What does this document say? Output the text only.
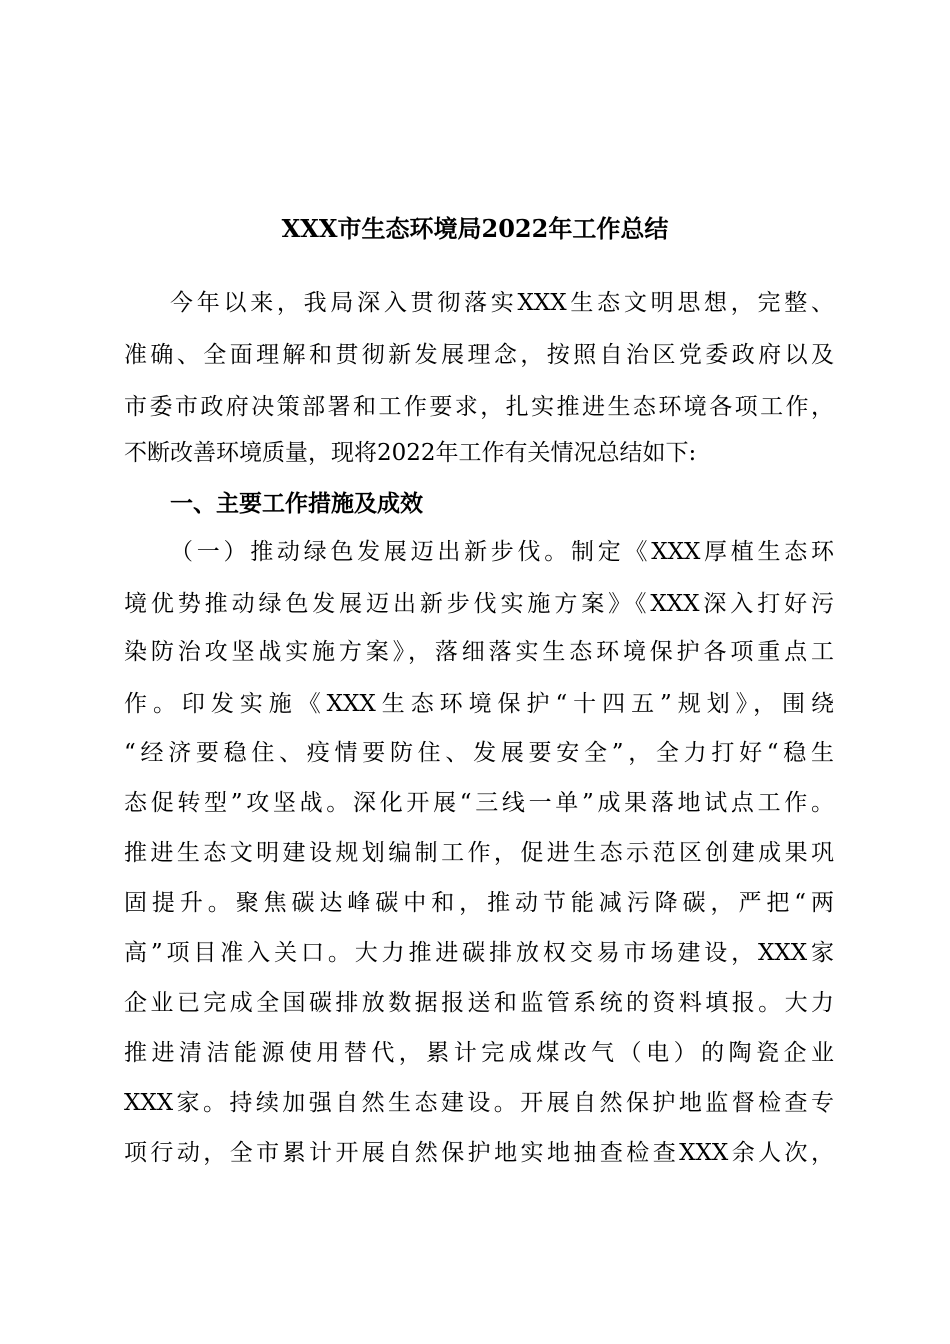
XXX市生态环境局2022年工作总结

今年以来，我局深入贯彻落实XXX生态文明思想，完整、

准确、全面理解和贯彻新发展理念，按照自治区党委政府以及

市委市政府决策部署和工作要求，扎实推进生态环境各项工作，

不断改善环境质量，现将2022年工作有关情况总结如下:

一、主要工作措施及成效

（一）推动绿色发展迈出新步伐。制定《XXX厚植生态环

境优势推动绿色发展迈出新步伐实施方案》《XXX深入打好污

染防治攻坚战实施方案》，落细落实生态环境保护各项重点工

作。印发实施《XXX生态环境保护“十四五”规划》，围绕

“经济要稳住、疫情要防住、发展要安全”，全力打好“稳生

态促转型”攻坚战。深化开展“三线一单”成果落地试点工作。

推进生态文明建设规划编制工作，促进生态示范区创建成果巩

固提升。聚焦碳达峰碳中和，推动节能减污降碳，严把“两

高”项目准入关口。大力推进碳排放权交易市场建设，XXX家

企业已完成全国碳排放数据报送和监管系统的资料填报。大力

推进清洁能源使用替代，累计完成煤改气（电）的陶瓷企业

XXX家。持续加强自然生态建设。开展自然保护地监督检查专

项行动，全市累计开展自然保护地实地抽查检查XXX余人次，
